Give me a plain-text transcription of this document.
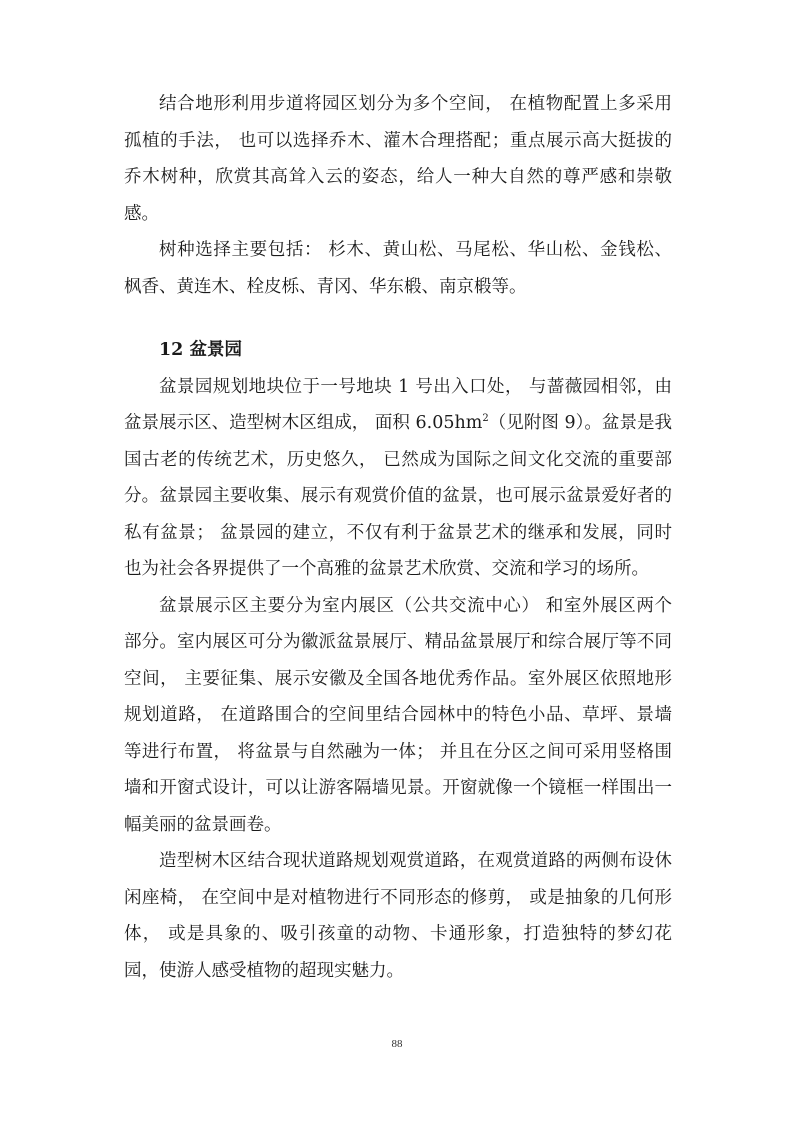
结合地形利用步道将园区划分为多个空间， 在植物配置上多采用孤植的手法， 也可以选择乔木、灌木合理搭配；重点展示高大挺拔的乔木树种，欣赏其高耸入云的姿态，给人一种大自然的尊严感和崇敬感。

树种选择主要包括： 杉木、黄山松、马尾松、华山松、金钱松、枫香、黄连木、栓皮栎、青冈、华东椴、南京椴等。

12 盆景园

盆景园规划地块位于一号地块 1 号出入口处， 与蔷薇园相邻，由盆景展示区、造型树木区组成， 面积 $6.05hm^2$（见附图 9）。盆景是我国古老的传统艺术，历史悠久， 已然成为国际之间文化交流的重要部分。盆景园主要收集、展示有观赏价值的盆景，也可展示盆景爱好者的私有盆景； 盆景园的建立，不仅有利于盆景艺术的继承和发展，同时也为社会各界提供了一个高雅的盆景艺术欣赏、交流和学习的场所。

盆景展示区主要分为室内展区（公共交流中心） 和室外展区两个部分。室内展区可分为徽派盆景展厅、精品盆景展厅和综合展厅等不同空间， 主要征集、展示安徽及全国各地优秀作品。室外展区依照地形规划道路， 在道路围合的空间里结合园林中的特色小品、草坪、景墙等进行布置， 将盆景与自然融为一体； 并且在分区之间可采用竖格围墙和开窗式设计，可以让游客隔墙见景。开窗就像一个镜框一样围出一幅美丽的盆景画卷。

造型树木区结合现状道路规划观赏道路，在观赏道路的两侧布设休闲座椅， 在空间中是对植物进行不同形态的修剪， 或是抽象的几何形体， 或是具象的、吸引孩童的动物、卡通形象，打造独特的梦幻花园，使游人感受植物的超现实魅力。

88
